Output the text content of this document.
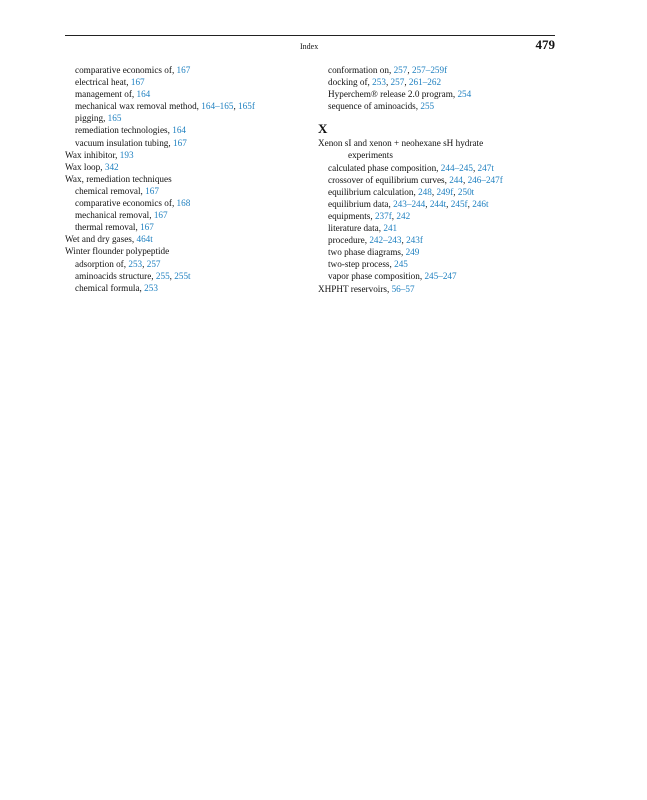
Index	479
comparative economics of, 167
electrical heat, 167
management of, 164
mechanical wax removal method, 164–165, 165f
pigging, 165
remediation technologies, 164
vacuum insulation tubing, 167
Wax inhibitor, 193
Wax loop, 342
Wax, remediation techniques
chemical removal, 167
comparative economics of, 168
mechanical removal, 167
thermal removal, 167
Wet and dry gases, 464t
Winter flounder polypeptide
adsorption of, 253, 257
aminoacids structure, 255, 255t
chemical formula, 253
conformation on, 257, 257–259f
docking of, 253, 257, 261–262
Hyperchem® release 2.0 program, 254
sequence of aminoacids, 255
X
Xenon sI and xenon + neohexane sH hydrate
experiments
calculated phase composition, 244–245, 247t
crossover of equilibrium curves, 244, 246–247f
equilibrium calculation, 248, 249f, 250t
equilibrium data, 243–244, 244t, 245f, 246t
equipments, 237f, 242
literature data, 241
procedure, 242–243, 243f
two phase diagrams, 249
two-step process, 245
vapor phase composition, 245–247
XHPHT reservoirs, 56–57
